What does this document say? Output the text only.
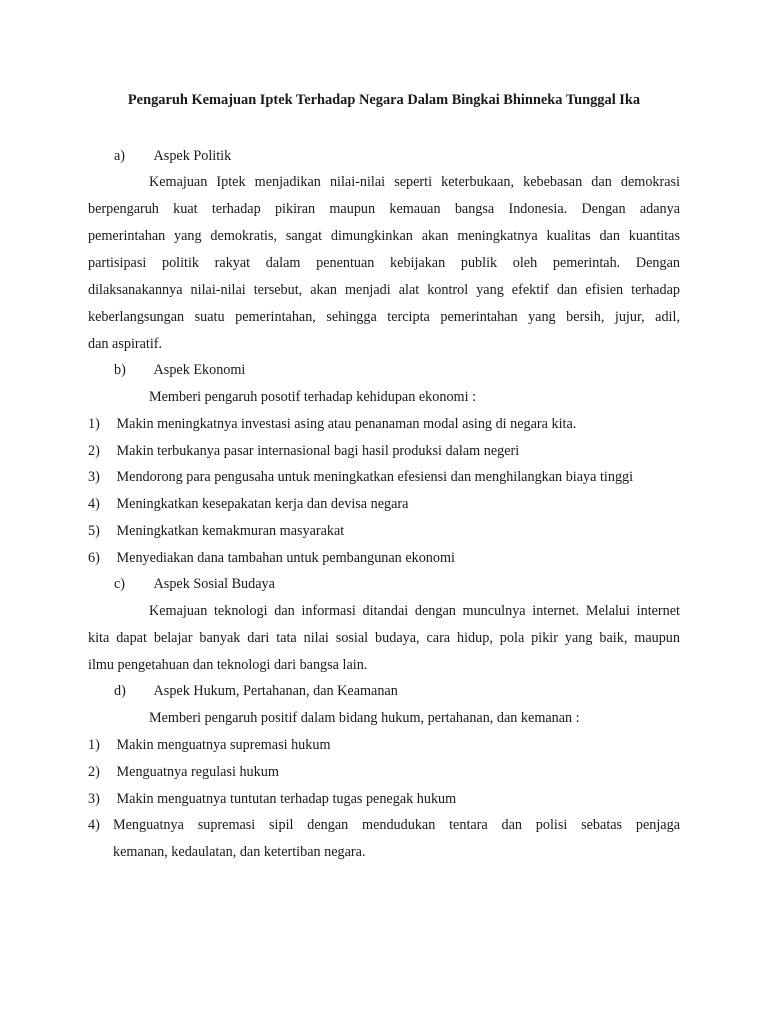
Pengaruh Kemajuan Iptek Terhadap Negara Dalam Bingkai Bhinneka Tunggal Ika
a) Aspek Politik
Kemajuan Iptek menjadikan nilai-nilai seperti keterbukaan, kebebasan dan demokrasi
berpengaruh kuat terhadap pikiran maupun kemauan bangsa Indonesia. Dengan adanya
pemerintahan yang demokratis, sangat dimungkinkan akan meningkatnya kualitas dan kuantitas
partisipasi politik rakyat dalam penentuan kebijakan publik oleh pemerintah. Dengan
dilaksanakannya nilai-nilai tersebut, akan menjadi alat kontrol yang efektif dan efisien terhadap
keberlangsungan suatu pemerintahan, sehingga tercipta pemerintahan yang bersih, jujur, adil,
dan aspiratif.
b) Aspek Ekonomi
Memberi pengaruh posotif terhadap kehidupan ekonomi :
1) Makin meningkatnya investasi asing atau penanaman modal asing di negara kita.
2) Makin terbukanya pasar internasional bagi hasil produksi dalam negeri
3) Mendorong para pengusaha untuk meningkatkan efesiensi dan menghilangkan biaya tinggi
4) Meningkatkan kesepakatan kerja dan devisa negara
5) Meningkatkan kemakmuran masyarakat
6) Menyediakan dana tambahan untuk pembangunan ekonomi
c) Aspek Sosial Budaya
Kemajuan teknologi dan informasi ditandai dengan munculnya internet. Melalui internet
kita dapat belajar banyak dari tata nilai sosial budaya, cara hidup, pola pikir yang baik, maupun
ilmu pengetahuan dan teknologi dari bangsa lain.
d) Aspek Hukum, Pertahanan, dan Keamanan
Memberi pengaruh positif dalam bidang hukum, pertahanan, dan kemanan :
1) Makin menguatnya supremasi hukum
2) Menguatnya regulasi hukum
3) Makin menguatnya tuntutan terhadap tugas penegak hukum
4) Menguatnya supremasi sipil dengan mendudukan tentara dan polisi sebatas penjaga
kemanan, kedaulatan, dan ketertiban negara.
